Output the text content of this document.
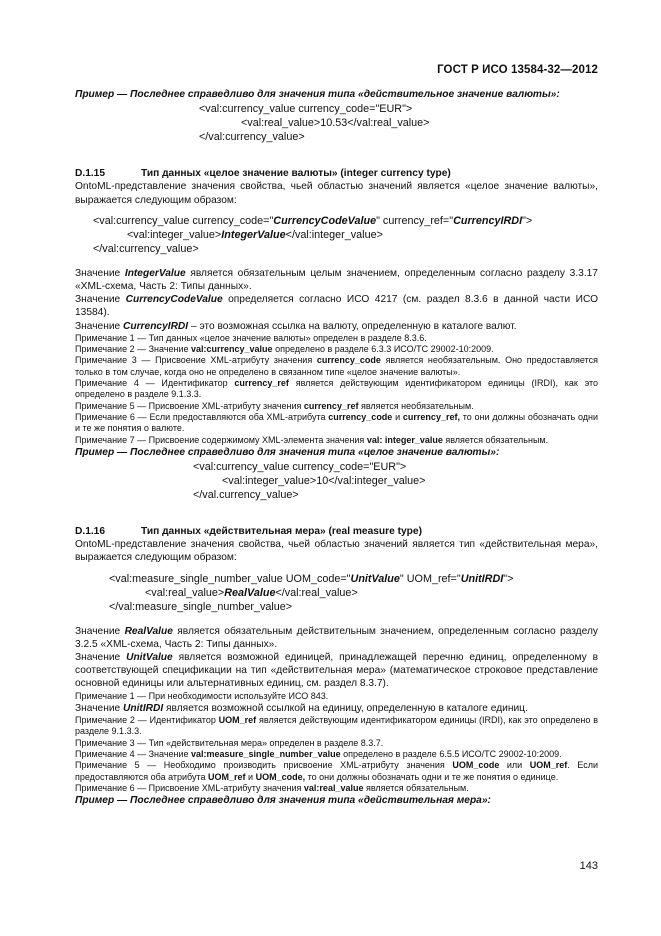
ГОСТ Р ИСО 13584-32—2012

Пример — Последнее справедливо для значения типа «действительное значение валюты»:

<val:currency_value currency_code="EUR">

<val:real_value>10.53</val:real_value>

</val:currency_value>

D.1.15	Тип данных «целое значение валюты» (integer currency type)

OntoML-представление значения свойства, чьей областью значений является «целое значение валюты», выражается следующим образом:

<val:currency_value currency_code="CurrencyCodeValue" currency_ref="CurrencyIRDI">

<val:integer_value>IntegerValue</val:integer_value>

</val:currency_value>

Значение IntegerValue является обязательным целым значением, определенным согласно разделу 3.3.17 «XML-схема, Часть 2: Типы данных».

Значение CurrencyCodeValue определяется согласно ИСО 4217 (см. раздел 8.3.6 в данной части ИСО 13584).

Значение CurrencyIRDI – это возможная ссылка на валюту, определенную в каталоге валют.

Примечание 1 — Тип данных «целое значение валюты» определен в разделе 8.3.6.

Примечание 2 — Значение val:currency_value определено в разделе 6.3.3 ИСО/ТС 29002-10:2009.

Примечание 3 — Присвоение XML-атрибуту значения currency_code является необязательным. Оно предоставляется только в том случае, когда оно не определено в связанном типе «целое значение валюты».

Примечание 4 — Идентификатор currency_ref является действующим идентификатором единицы (IRDI), как это определено в разделе 9.1.3.3.

Примечание 5 — Присвоение XML-атрибуту значения currency_ref является необязательным.

Примечание 6 — Если предоставляются оба XML-атрибута currency_code и currency_ref, то они должны обозначать одни и те же понятия о валюте.

Примечание 7 — Присвоение содержимому XML-элемента значения val: integer_value является обязательным.

Пример — Последнее справедливо для значения типа «целое значение валюты»:

<val:currency_value currency_code="EUR">

<val:integer_value>10</val:integer_value>

</val.currency_value>

D.1.16	Тип данных «действительная мера» (real measure type)

OntoML-представление значения свойства, чьей областью значений является тип «действительная мера», выражается следующим образом:

<val:measure_single_number_value UOM_code="UnitValue" UOM_ref="UnitIRDI">

<val:real_value>RealValue</val:real_value>

</val:measure_single_number_value>

Значение RealValue является обязательным действительным значением, определенным согласно разделу 3.2.5 «XML-схема, Часть 2: Типы данных».

Значение UnitValue является возможной единицей, принадлежащей перечню единиц, определенному в соответствующей спецификации на тип «действительная мера» (математическое строковое представление основной единицы или альтернативных единиц, см. раздел 8.3.7).

Примечание 1 — При необходимости используйте ИСО 843.

Значение UnitIRDI является возможной ссылкой на единицу, определенную в каталоге единиц.

Примечание 2 — Идентификатор UOM_ref является действующим идентификатором единицы (IRDI), как это определено в разделе 9.1.3.3.

Примечание 3 — Тип «действительная мера» определен в разделе 8.3.7.

Примечание 4 — Значение val:measure_single_number_value определено в разделе 6.5.5 ИСО/ТС 29002-10:2009.

Примечание 5 — Необходимо производить присвоение XML-атрибуту значения UOM_code или UOM_ref. Если предоставляются оба атрибута UOM_ref и UOM_code, то они должны обозначать одни и те же понятия о единице.

Примечание 6 — Присвоение XML-атрибуту значения val:real_value является обязательным.

Пример — Последнее справедливо для значения типа «действительная мера»:

143
